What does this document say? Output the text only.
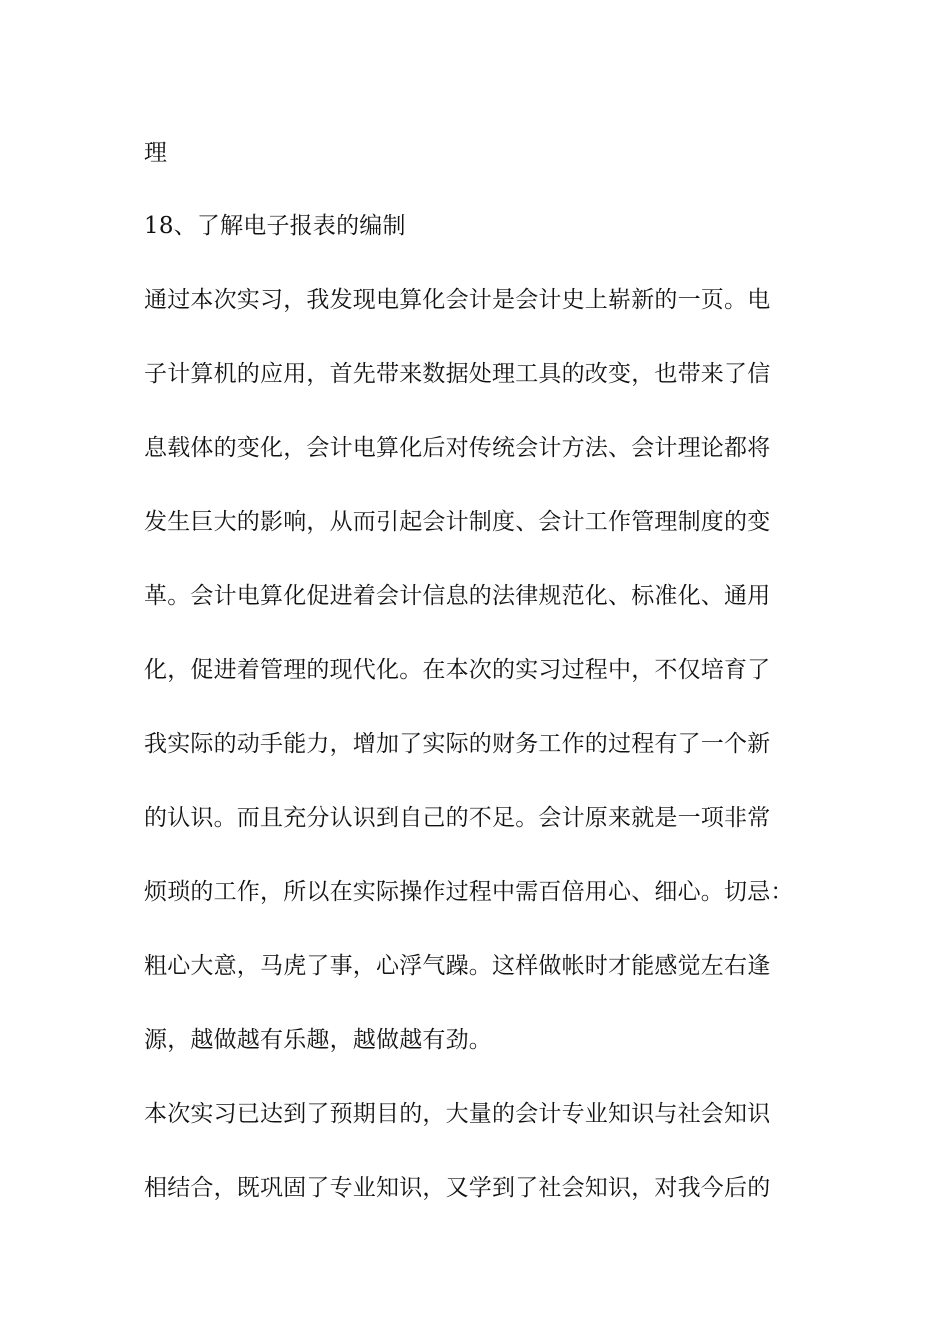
理
18、了解电子报表的编制
通过本次实习，我发现电算化会计是会计史上崭新的一页。电
子计算机的应用，首先带来数据处理工具的改变，也带来了信
息载体的变化，会计电算化后对传统会计方法、会计理论都将
发生巨大的影响，从而引起会计制度、会计工作管理制度的变
革。会计电算化促进着会计信息的法律规范化、标准化、通用
化，促进着管理的现代化。在本次的实习过程中，不仅培育了
我实际的动手能力，增加了实际的财务工作的过程有了一个新
的认识。而且充分认识到自己的不足。会计原来就是一项非常
烦琐的工作，所以在实际操作过程中需百倍用心、细心。切忌：
粗心大意，马虎了事，心浮气躁。这样做帐时才能感觉左右逢
源，越做越有乐趣，越做越有劲。
本次实习已达到了预期目的，大量的会计专业知识与社会知识
相结合，既巩固了专业知识，又学到了社会知识，对我今后的
